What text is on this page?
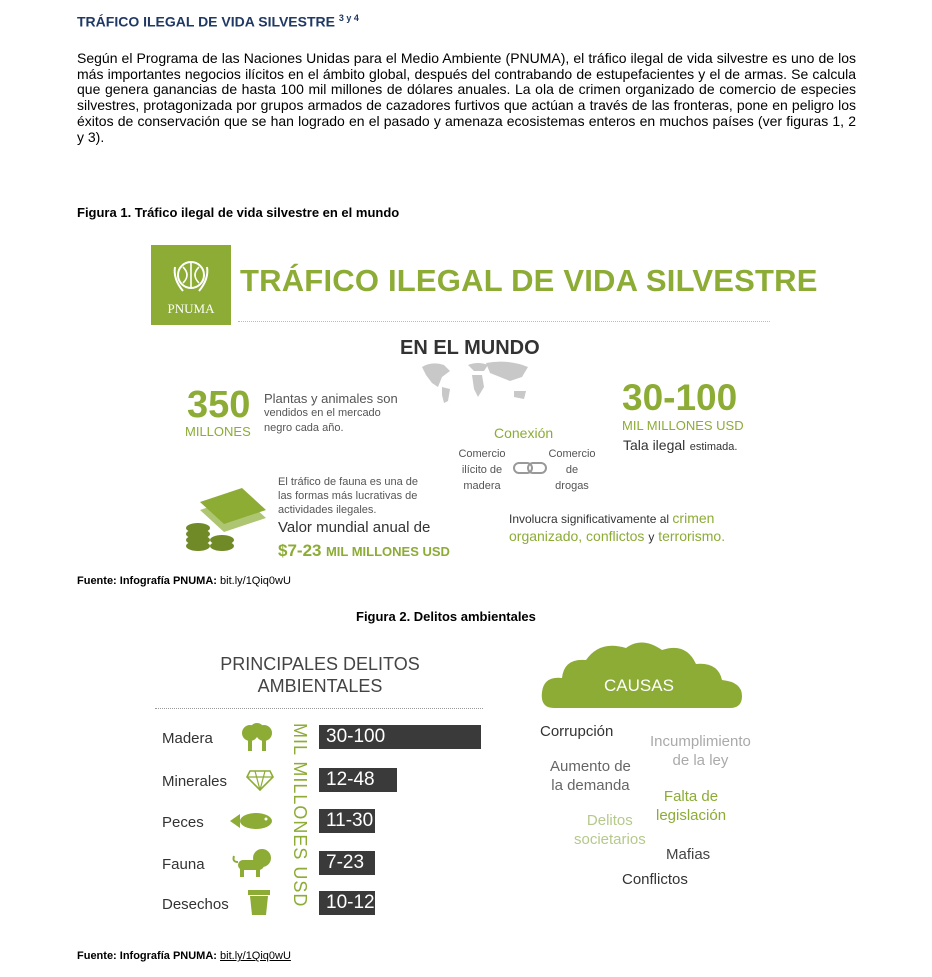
TRÁFICO ILEGAL DE VIDA SILVESTRE $^{3 y 4}$
Según el Programa de las Naciones Unidas para el Medio Ambiente (PNUMA), el tráfico ilegal de vida silvestre es uno de los más importantes negocios ilícitos en el ámbito global, después del contrabando de estupefacientes y el de armas. Se calcula que genera ganancias de hasta 100 mil millones de dólares anuales. La ola de crimen organizado de comercio de especies silvestres, protagonizada por grupos armados de cazadores furtivos que actúan a través de las fronteras, pone en peligro los éxitos de conservación que se han logrado en el pasado y amenaza ecosistemas enteros en muchos países (ver figuras 1, 2 y 3).
Figura 1. Tráfico ilegal de vida silvestre en el mundo
PNUMA
TRÁFICO ILEGAL DE VIDA SILVESTRE
EN EL MUNDO
350
MILLONES
Plantas y animales son
vendidos en el mercado
negro cada año.
30-100
MIL MILLONES USD
Tala ilegal estimada.
Conexión
Comercio
ilícito de
madera
Comercio
de
drogas
El tráfico de fauna es una de
las formas más lucrativas de
actividades ilegales.
Valor mundial anual de
$7-23 MIL MILLONES USD
Involucra significativamente al crimen
organizado, conflictos y terrorismo.
Fuente: Infografía PNUMA: bit.ly/1Qiq0wU
Figura 2. Delitos ambientales
PRINCIPALES DELITOS
AMBIENTALES
MIL MILLONES USD
Madera	30-100
Minerales	12-48
Peces	11-30
Fauna	7-23
Desechos	10-12
CAUSAS
Corrupción
Incumplimiento
de la ley
Aumento de
la demanda
Falta de
legislación
Delitos
societarios
Mafias
Conflictos
Fuente: Infografía PNUMA: bit.ly/1Qiq0wU
